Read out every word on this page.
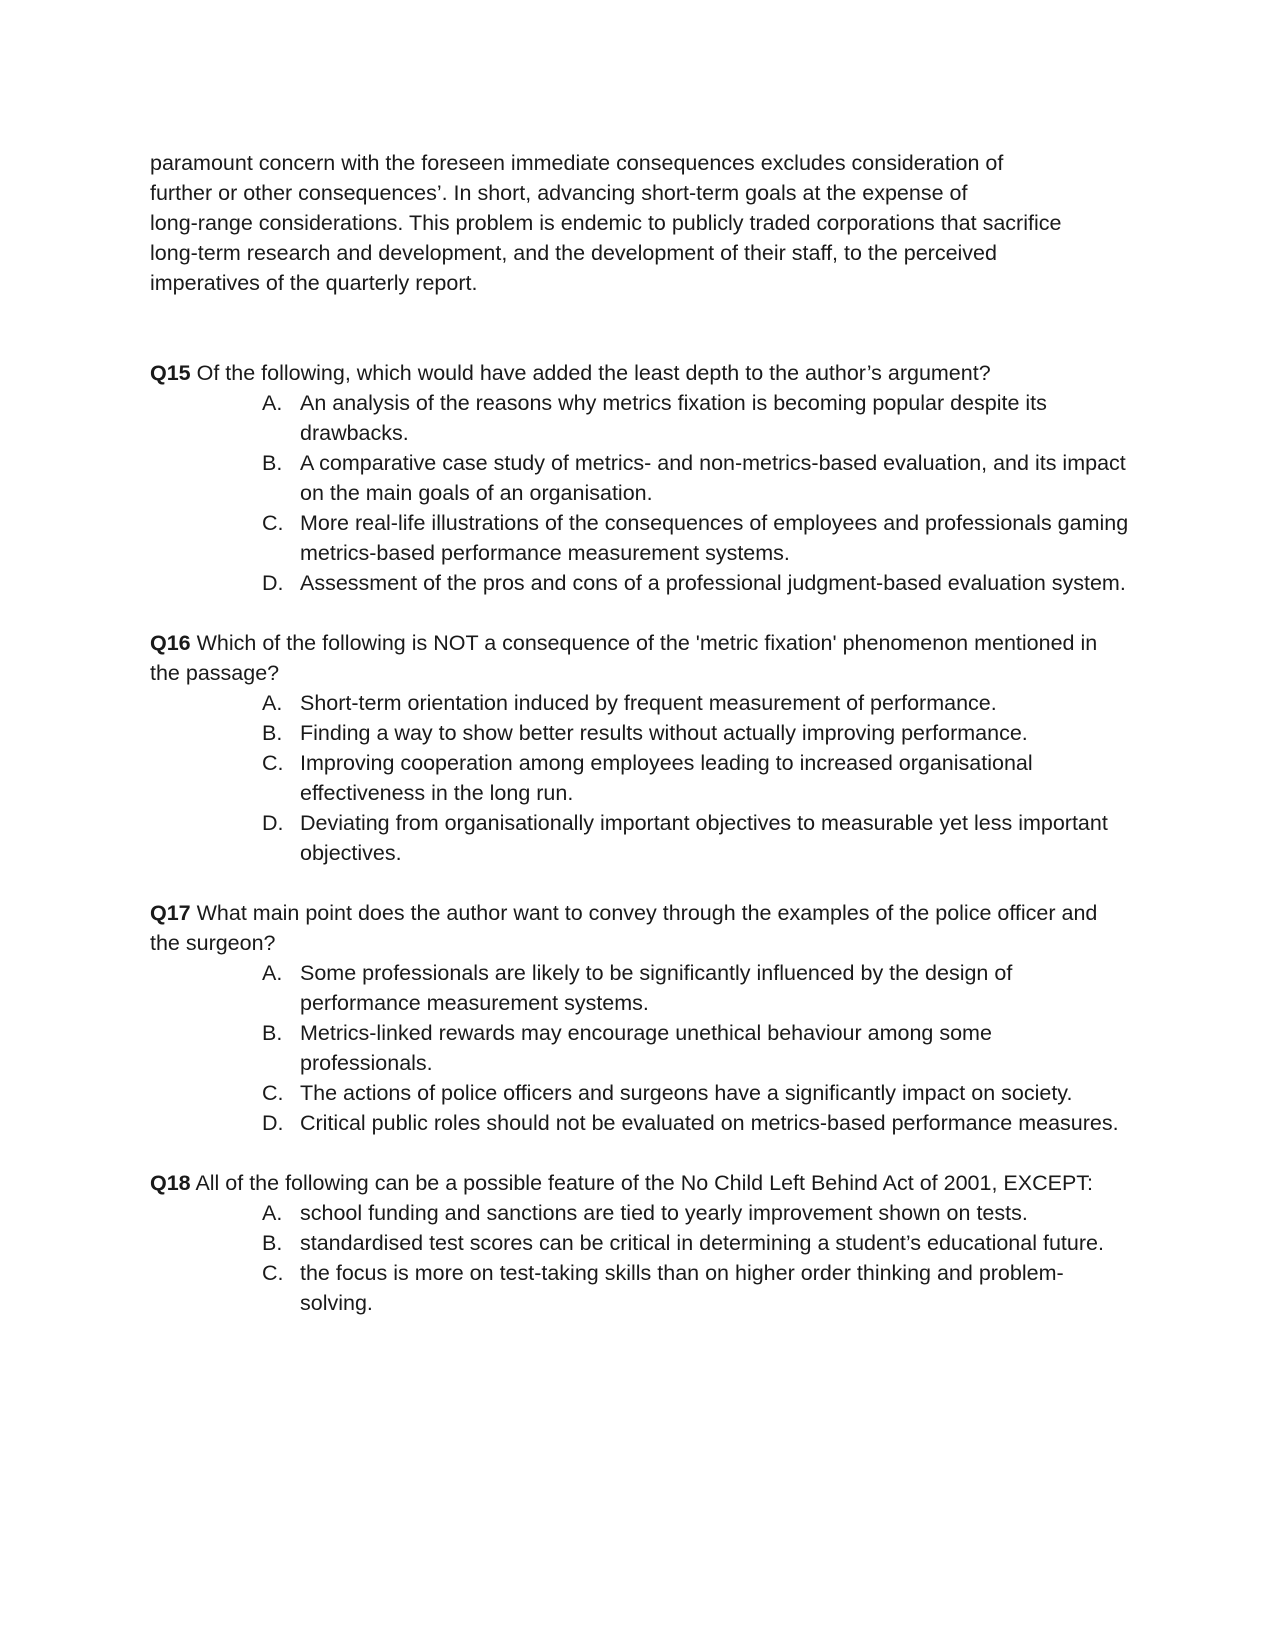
paramount concern with the foreseen immediate consequences excludes consideration of

further or other consequences’. In short, advancing short-term goals at the expense of

long-range considerations. This problem is endemic to publicly traded corporations that sacrifice

long-term research and development, and the development of their staff, to the perceived

imperatives of the quarterly report.

Q15 Of the following, which would have added the least depth to the author’s argument?

A. An analysis of the reasons why metrics fixation is becoming popular despite its drawbacks.
B. A comparative case study of metrics- and non-metrics-based evaluation, and its impact on the main goals of an organisation.
C. More real-life illustrations of the consequences of employees and professionals gaming metrics-based performance measurement systems.
D. Assessment of the pros and cons of a professional judgment-based evaluation system.

Q16 Which of the following is NOT a consequence of the 'metric fixation' phenomenon mentioned in the passage?

A. Short-term orientation induced by frequent measurement of performance.
B. Finding a way to show better results without actually improving performance.
C. Improving cooperation among employees leading to increased organisational effectiveness in the long run.
D. Deviating from organisationally important objectives to measurable yet less important objectives.

Q17 What main point does the author want to convey through the examples of the police officer and the surgeon?

A. Some professionals are likely to be significantly influenced by the design of performance measurement systems.
B. Metrics-linked rewards may encourage unethical behaviour among some professionals.
C. The actions of police officers and surgeons have a significantly impact on society.
D. Critical public roles should not be evaluated on metrics-based performance measures.

Q18 All of the following can be a possible feature of the No Child Left Behind Act of 2001, EXCEPT:

A. school funding and sanctions are tied to yearly improvement shown on tests.
B. standardised test scores can be critical in determining a student’s educational future.
C. the focus is more on test-taking skills than on higher order thinking and problem-solving.
